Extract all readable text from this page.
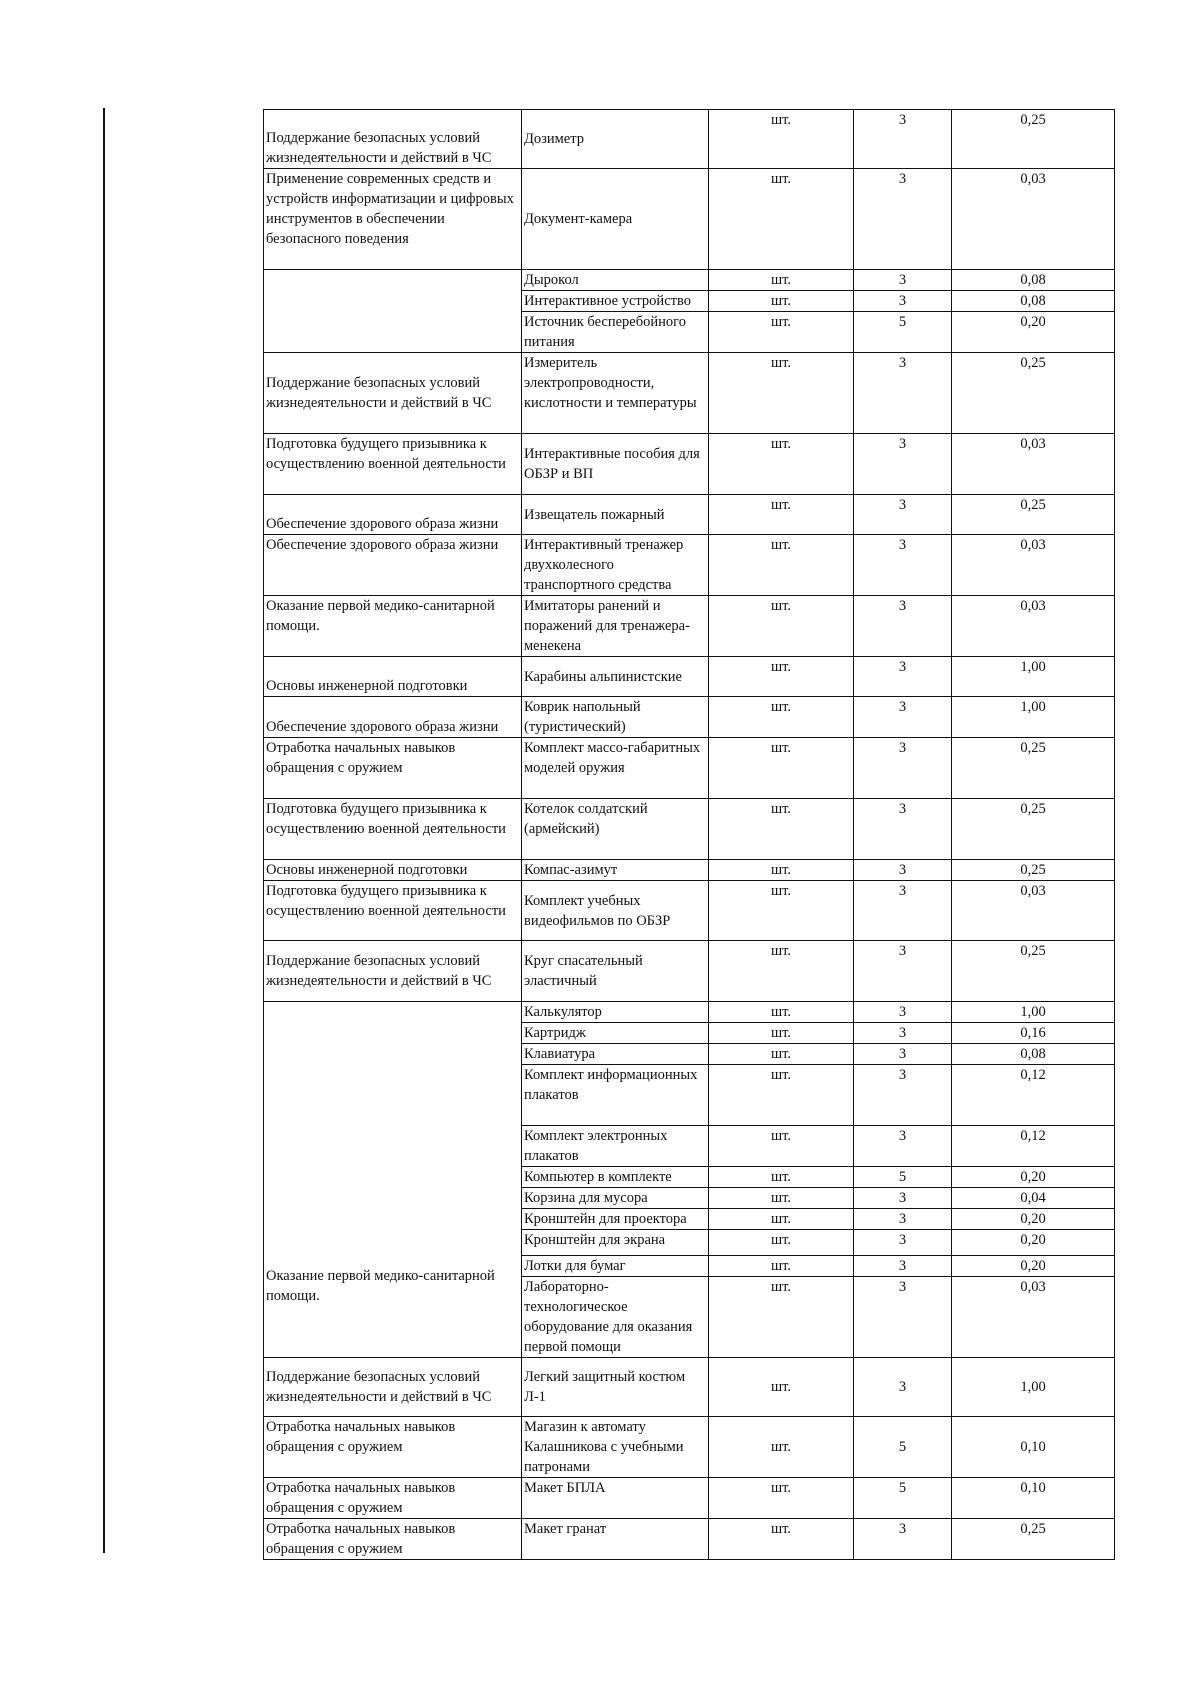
Поддержание безопасных условий жизнедеятельности и действий в ЧС	Дозиметр	шт.	3	0,25
Применение современных средств и устройств информатизации и цифровых инструментов в обеспечении безопасного поведения	Документ-камера	шт.	3	0,03
	Дырокол	шт.	3	0,08
	Интерактивное устройство	шт.	3	0,08
	Источник бесперебойного питания	шт.	5	0,20
Поддержание безопасных условий жизнедеятельности и действий в ЧС	Измеритель электропроводности, кислотности и температуры	шт.	3	0,25
Подготовка будущего призывника к осуществлению военной деятельности	Интерактивные пособия для ОБЗР и ВП	шт.	3	0,03
Обеспечение здорового образа жизни	Извещатель пожарный	шт.	3	0,25
Обеспечение здорового образа жизни	Интерактивный тренажер двухколесного транспортного средства	шт.	3	0,03
Оказание первой медико-санитарной помощи.	Имитаторы ранений и поражений для тренажера-менекена	шт.	3	0,03
Основы инженерной подготовки	Карабины альпинистские	шт.	3	1,00
Обеспечение здорового образа жизни	Коврик напольный (туристический)	шт.	3	1,00
Отработка начальных навыков обращения с оружием	Комплект массо-габаритных моделей оружия	шт.	3	0,25
Подготовка будущего призывника к осуществлению военной деятельности	Котелок солдатский (армейский)	шт.	3	0,25
Основы инженерной подготовки	Компас-азимут	шт.	3	0,25
Подготовка будущего призывника к осуществлению военной деятельности	Комплект учебных видеофильмов по ОБЗР	шт.	3	0,03
Поддержание безопасных условий жизнедеятельности и действий в ЧС	Круг спасательный эластичный	шт.	3	0,25
Оказание первой медико-санитарной помощи.	Калькулятор	шт.	3	1,00
	Картридж	шт.	3	0,16
	Клавиатура	шт.	3	0,08
	Комплект информационных плакатов	шт.	3	0,12
	Комплект электронных плакатов	шт.	3	0,12
	Компьютер в комплекте	шт.	5	0,20
	Корзина для мусора	шт.	3	0,04
	Кронштейн для проектора	шт.	3	0,20
	Кронштейн для экрана	шт.	3	0,20
	Лотки для бумаг	шт.	3	0,20
	Лабораторно-технологическое оборудование для оказания первой помощи	шт.	3	0,03
Поддержание безопасных условий жизнедеятельности и действий в ЧС	Легкий защитный костюм Л-1	шт.	3	1,00
Отработка начальных навыков обращения с оружием	Магазин к автомату Калашникова с учебными патронами	шт.	5	0,10
Отработка начальных навыков обращения с оружием	Макет БПЛА	шт.	5	0,10
Отработка начальных навыков обращения с оружием	Макет гранат	шт.	3	0,25
